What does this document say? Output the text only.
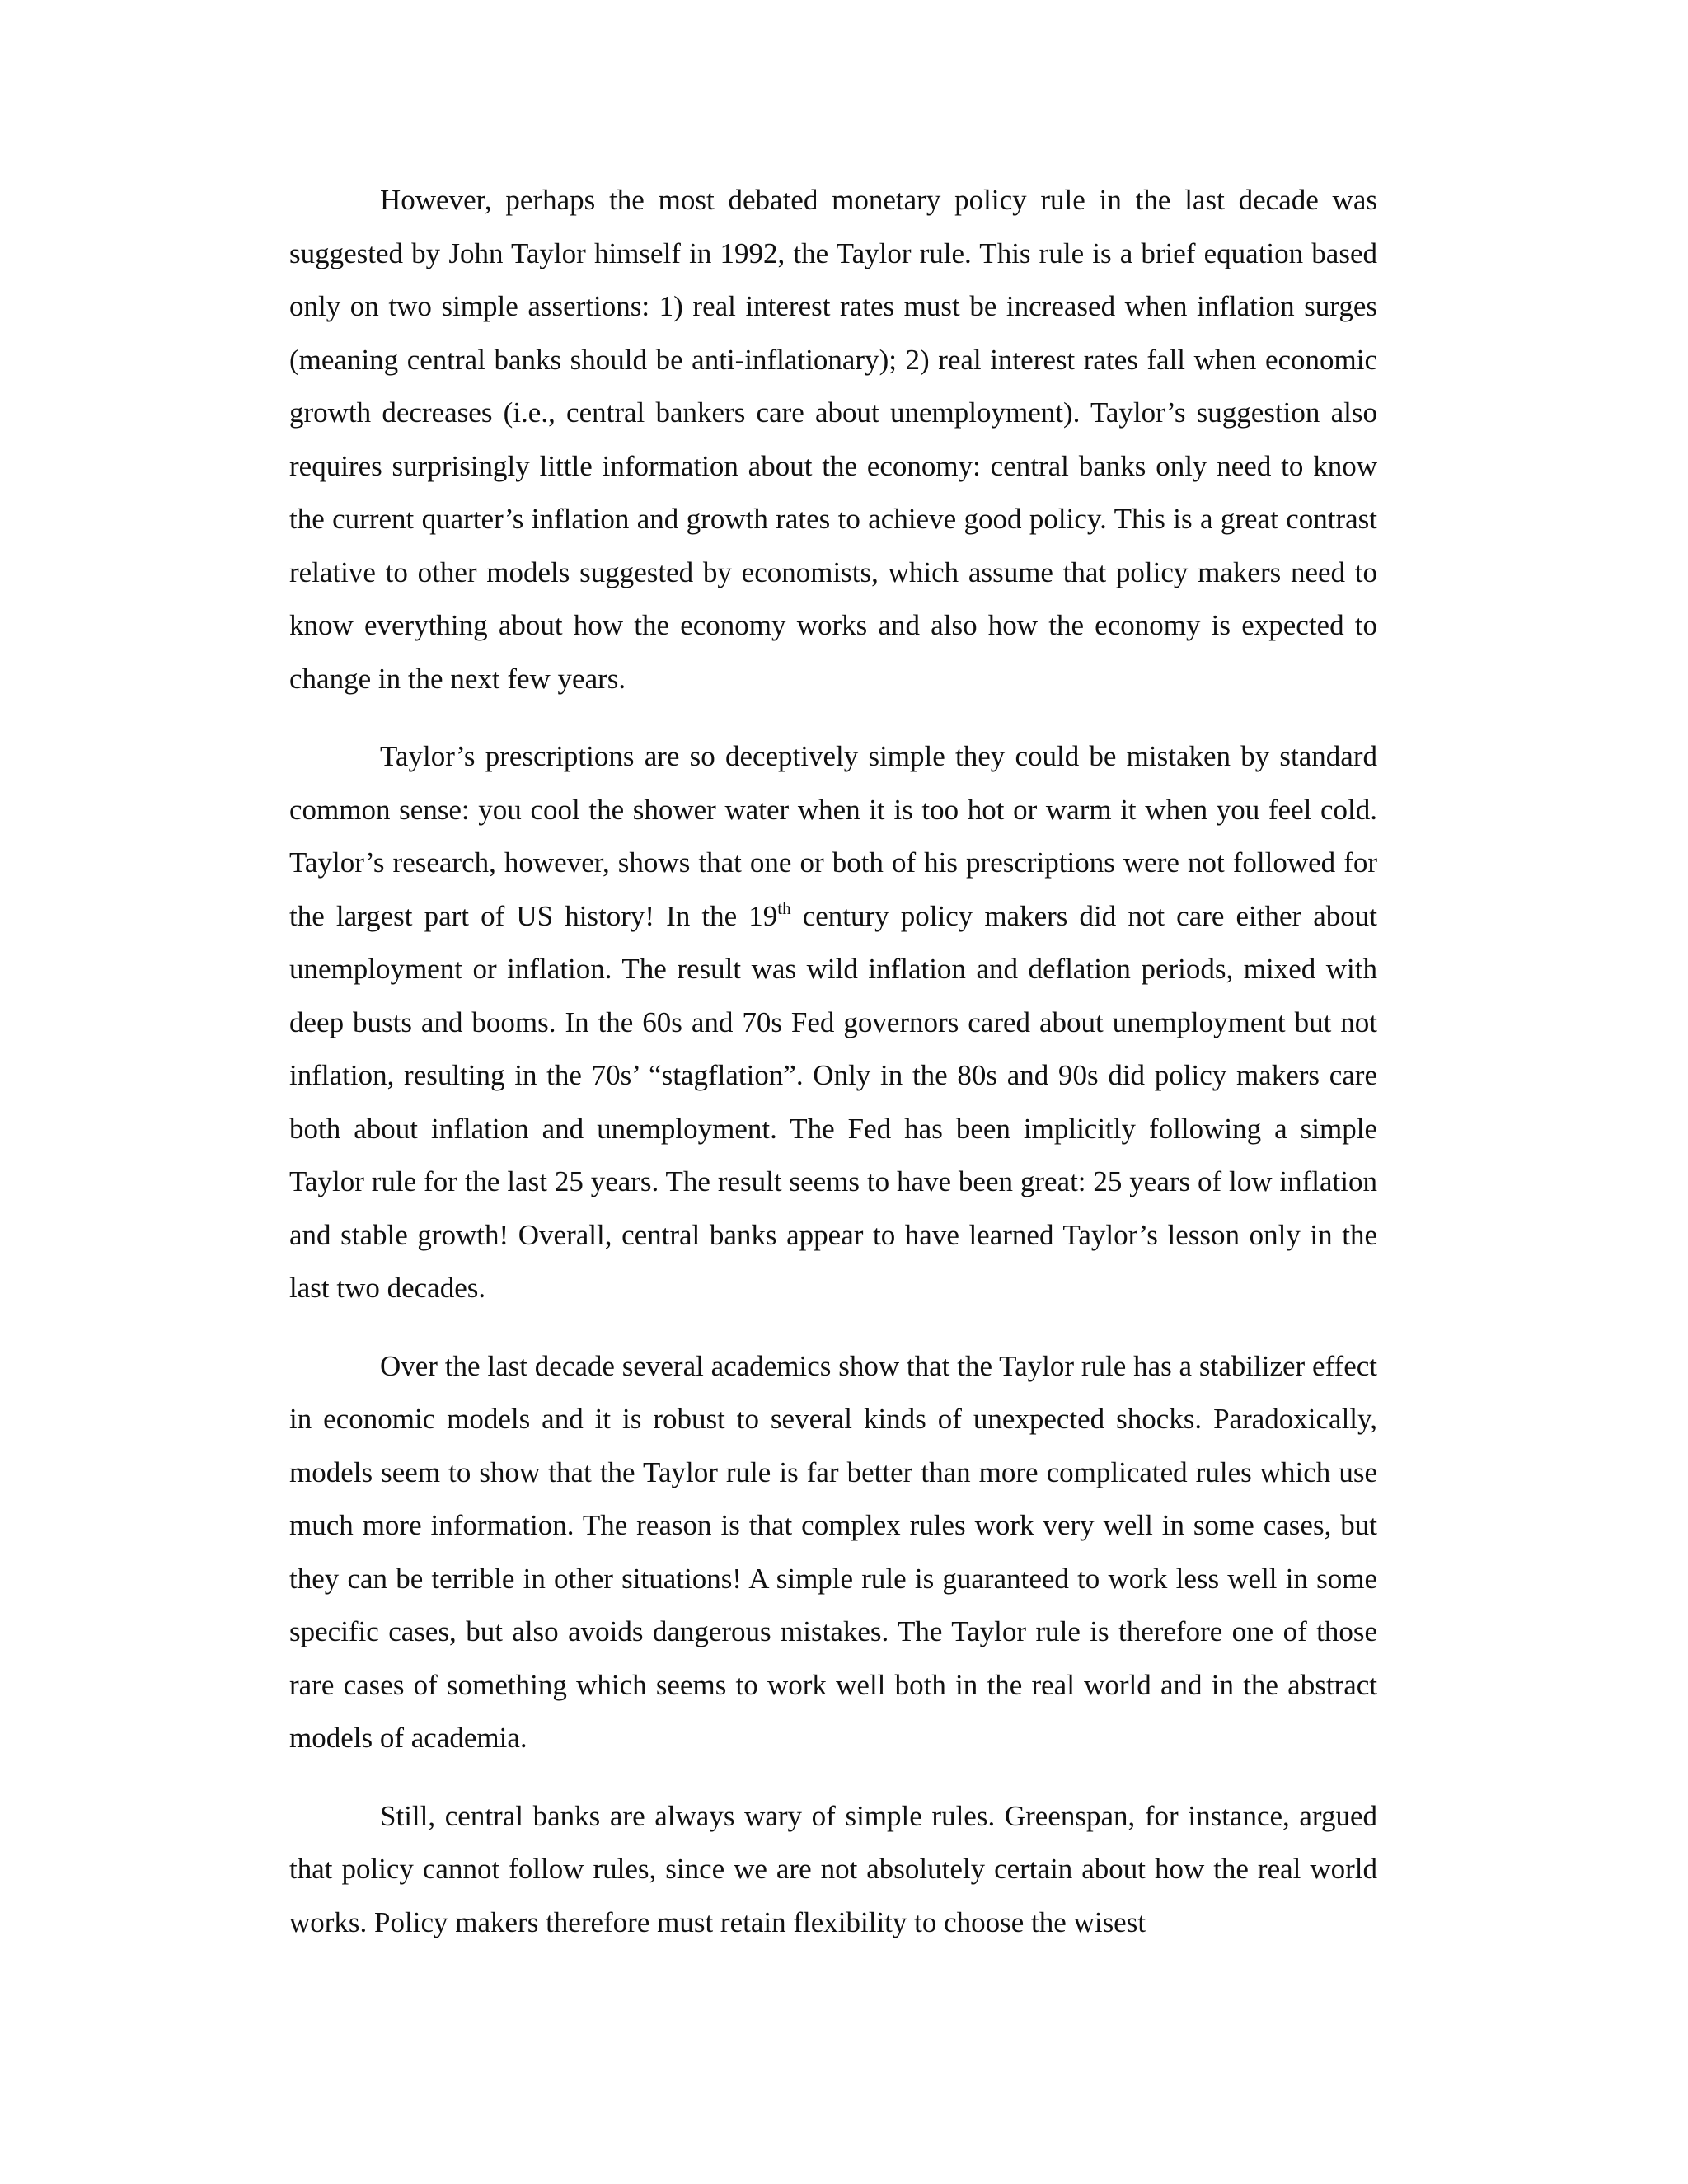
However, perhaps the most debated monetary policy rule in the last decade was suggested by John Taylor himself in 1992, the Taylor rule. This rule is a brief equation based only on two simple assertions: 1) real interest rates must be increased when inflation surges (meaning central banks should be anti-inflationary); 2) real interest rates fall when economic growth decreases (i.e., central bankers care about unemployment). Taylor’s suggestion also requires surprisingly little information about the economy: central banks only need to know the current quarter’s inflation and growth rates to achieve good policy. This is a great contrast relative to other models suggested by economists, which assume that policy makers need to know everything about how the economy works and also how the economy is expected to change in the next few years.

Taylor’s prescriptions are so deceptively simple they could be mistaken by standard common sense: you cool the shower water when it is too hot or warm it when you feel cold. Taylor’s research, however, shows that one or both of his prescriptions were not followed for the largest part of US history! In the 19th century policy makers did not care either about unemployment or inflation. The result was wild inflation and deflation periods, mixed with deep busts and booms. In the 60s and 70s Fed governors cared about unemployment but not inflation, resulting in the 70s’ “stagflation”. Only in the 80s and 90s did policy makers care both about inflation and unemployment. The Fed has been implicitly following a simple Taylor rule for the last 25 years. The result seems to have been great: 25 years of low inflation and stable growth! Overall, central banks appear to have learned Taylor’s lesson only in the last two decades.

Over the last decade several academics show that the Taylor rule has a stabilizer effect in economic models and it is robust to several kinds of unexpected shocks. Paradoxically, models seem to show that the Taylor rule is far better than more complicated rules which use much more information. The reason is that complex rules work very well in some cases, but they can be terrible in other situations! A simple rule is guaranteed to work less well in some specific cases, but also avoids dangerous mistakes. The Taylor rule is therefore one of those rare cases of something which seems to work well both in the real world and in the abstract models of academia.

Still, central banks are always wary of simple rules. Greenspan, for instance, argued that policy cannot follow rules, since we are not absolutely certain about how the real world works. Policy makers therefore must retain flexibility to choose the wisest
